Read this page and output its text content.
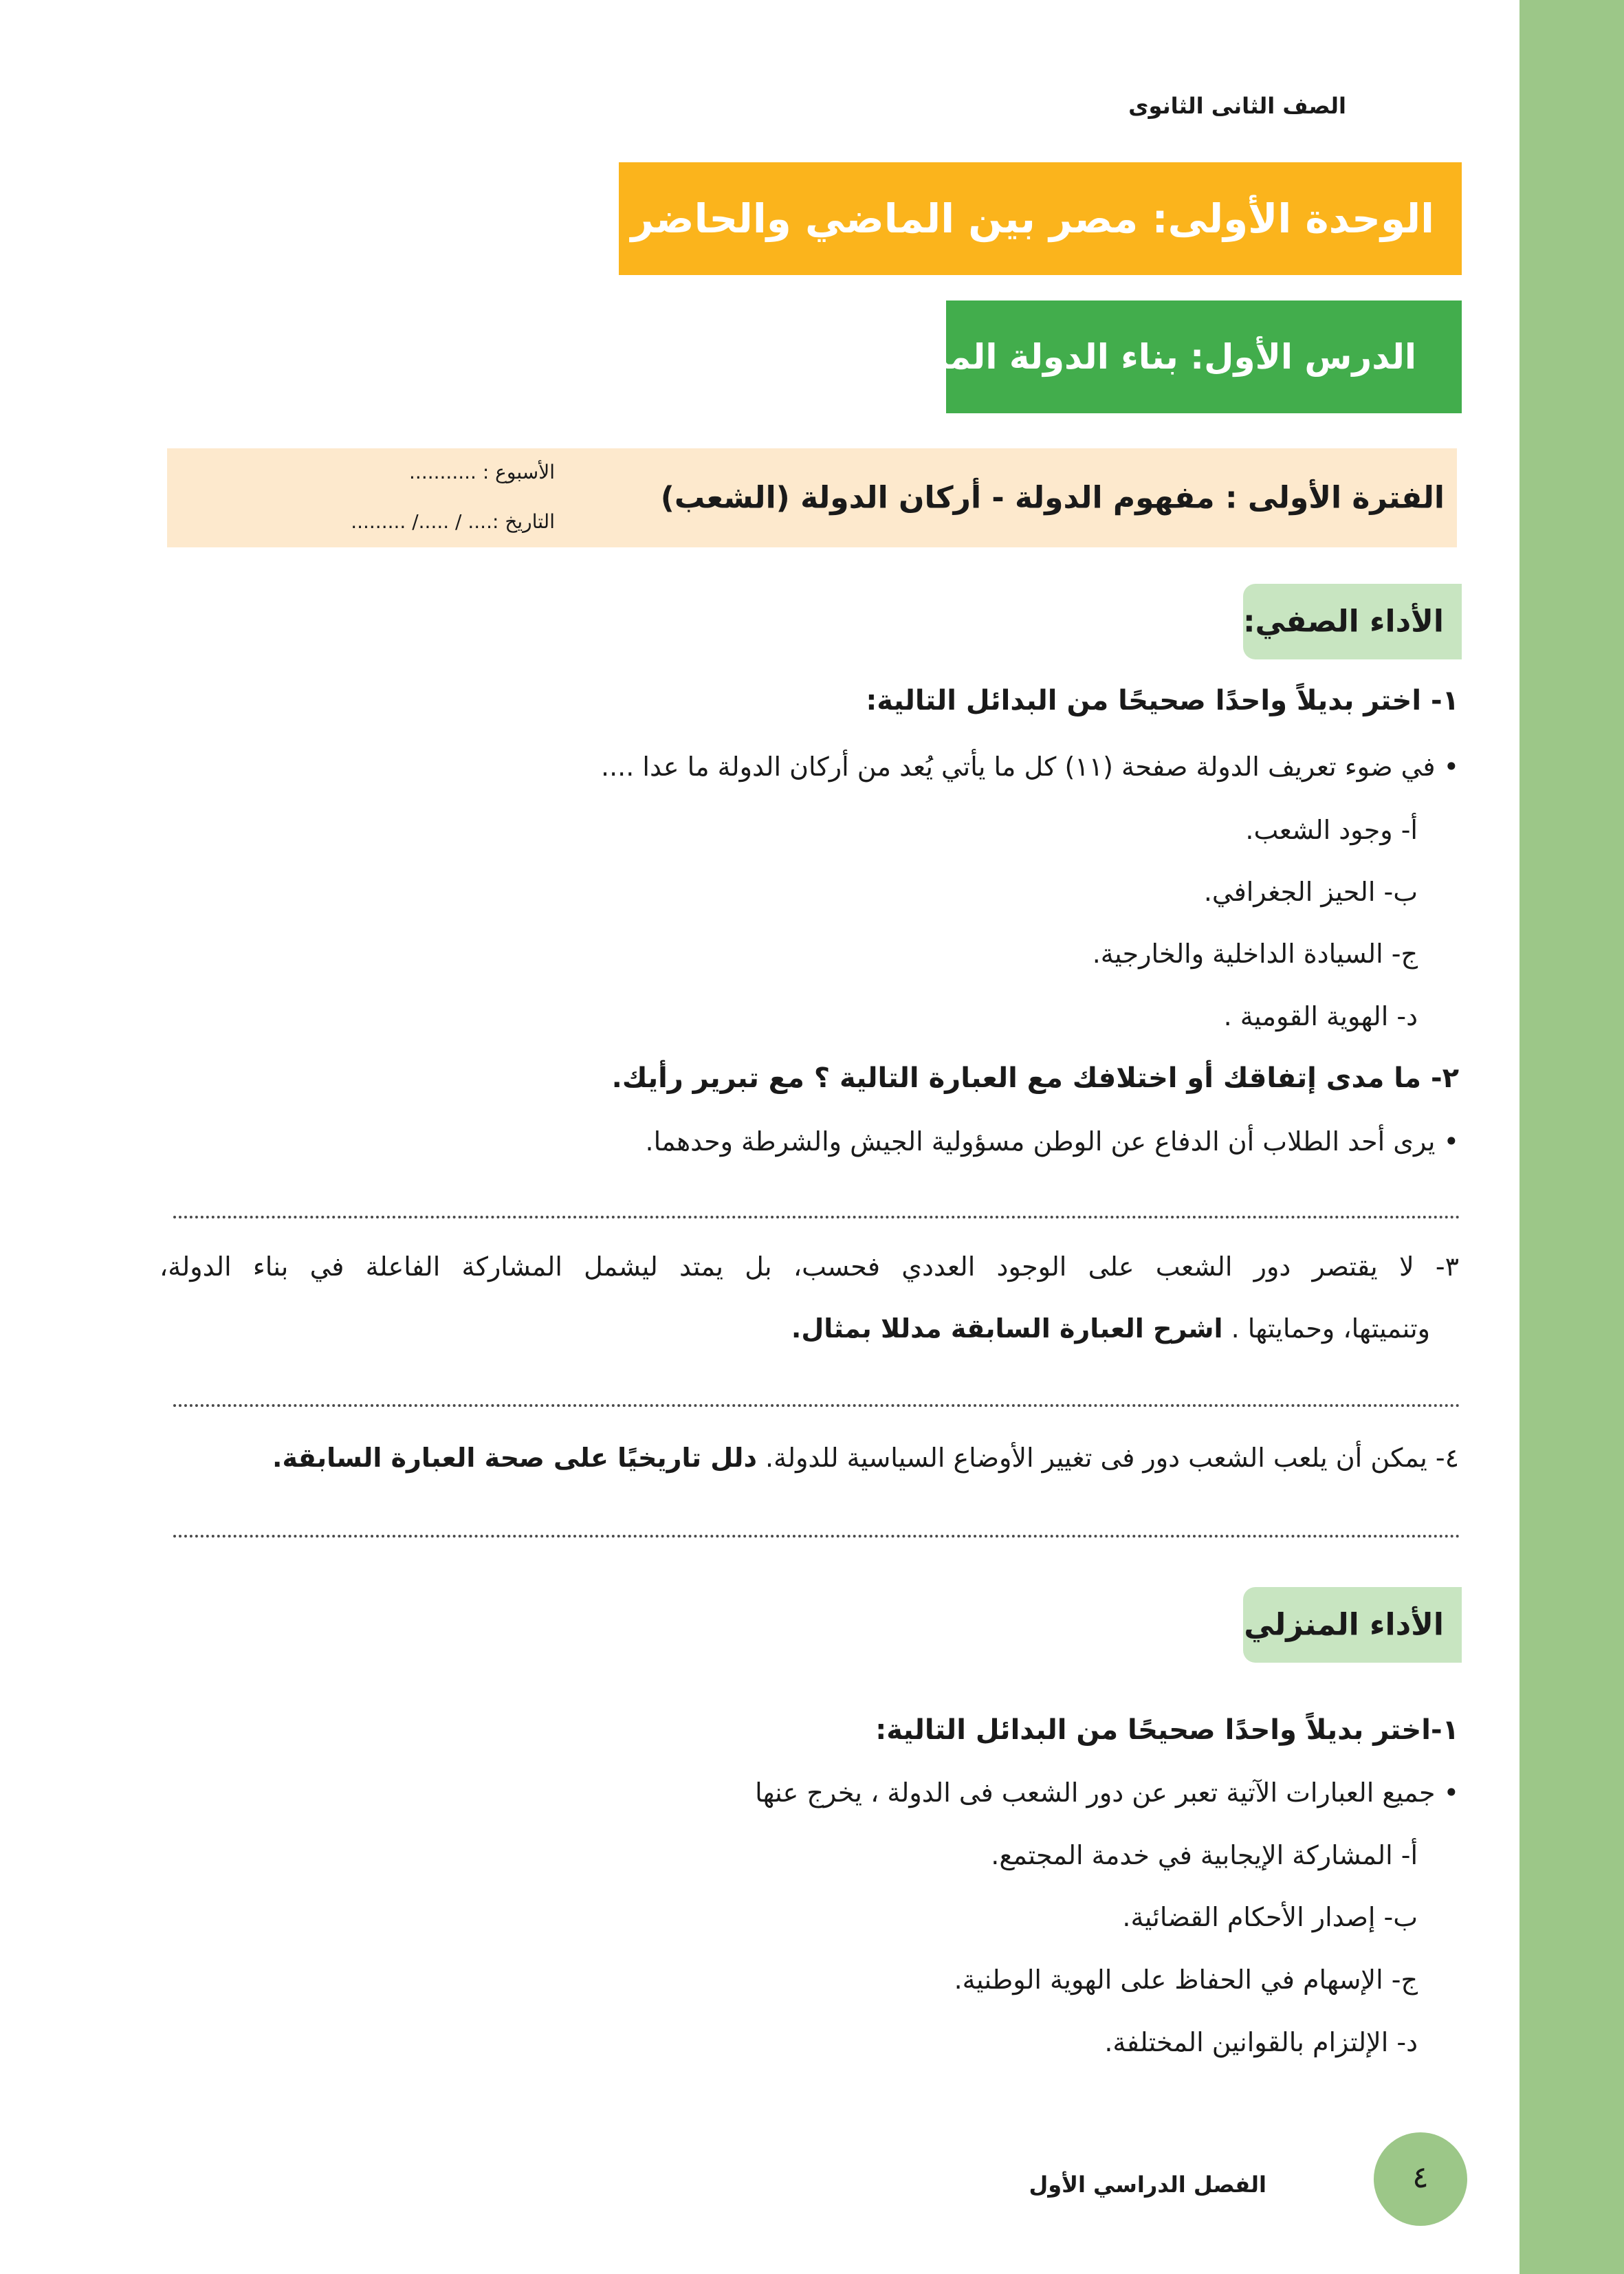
الصف الثانى الثانوى
الوحدة الأولى: مصر بين الماضي والحاضر
الدرس الأول: بناء الدولة المصرية
الفترة الأولى : مفهوم الدولة - أركان الدولة (الشعب)
الأسبوع : ...........
التاريخ :.... / ...../ .........
الأداء الصفي:
١- اختر بديلاً واحدًا صحيحًا من البدائل التالية:
• في ضوء تعريف الدولة صفحة (١١) كل ما يأتي يُعد من أركان الدولة ما عدا ....
أ- وجود الشعب.
ب- الحيز الجغرافي.
ج- السيادة الداخلية والخارجية.
د- الهوية القومية .
٢- ما مدى إتفاقك أو اختلافك مع العبارة التالية ؟ مع تبرير رأيك.
• يرى أحد الطلاب أن الدفاع عن الوطن مسؤولية الجيش والشرطة وحدهما.
٣- لا يقتصر دور الشعب على الوجود العددي فحسب، بل يمتد ليشمل المشاركة الفاعلة في بناء الدولة،
وتنميتها، وحمايتها . اشرح العبارة السابقة مدللا بمثال.
٤- يمكن أن يلعب الشعب دور فى تغيير الأوضاع السياسية للدولة. دلل تاريخيًا على صحة العبارة السابقة.
الأداء المنزلي
١-اختر بديلاً واحدًا صحيحًا من البدائل التالية:
• جميع العبارات الآتية تعبر عن دور الشعب فى الدولة ، يخرج عنها
أ- المشاركة الإيجابية في خدمة المجتمع.
ب- إصدار الأحكام القضائية.
ج- الإسهام في الحفاظ على الهوية الوطنية.
د- الإلتزام بالقوانين المختلفة.
٤
الفصل الدراسي الأول
